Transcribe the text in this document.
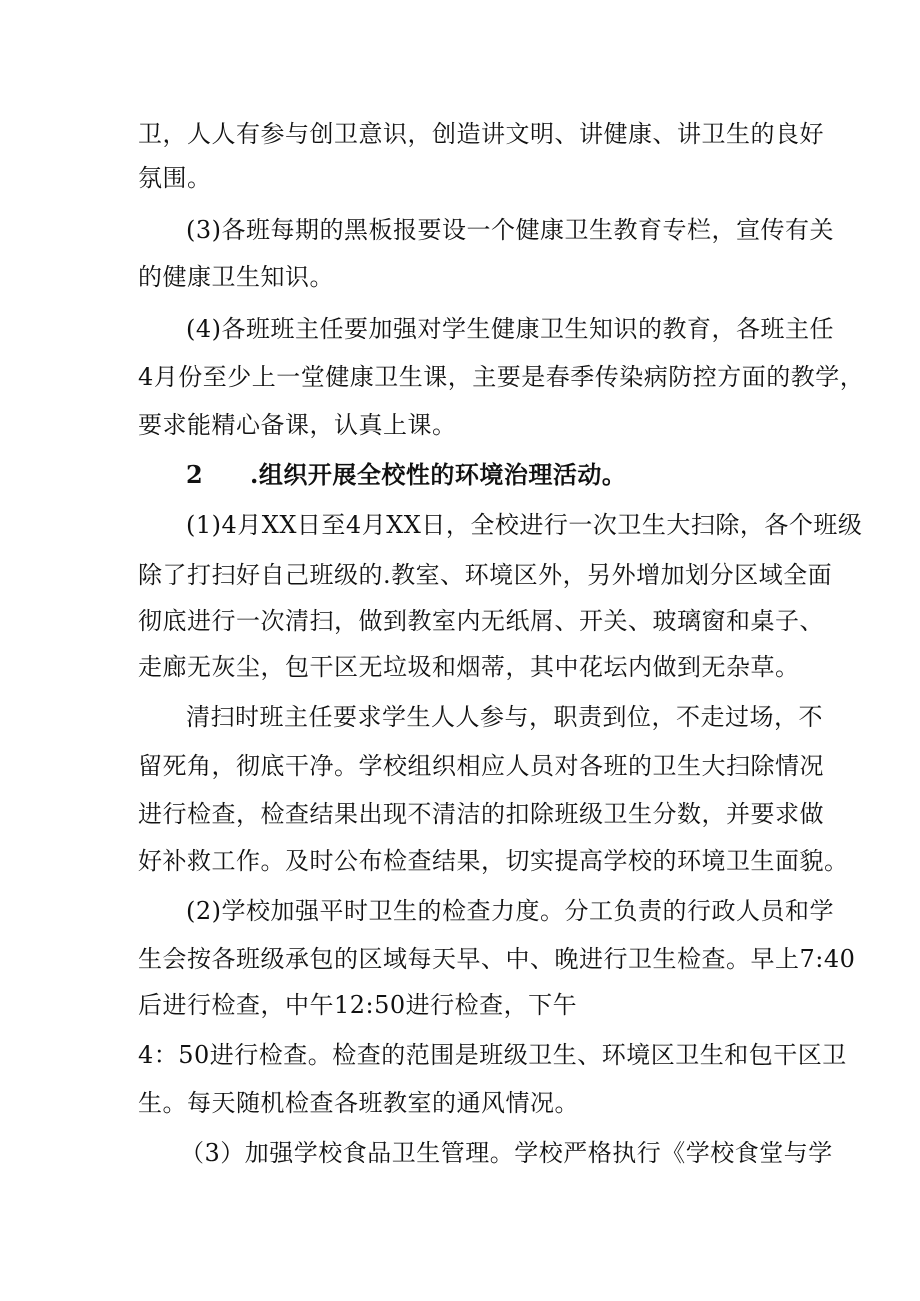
卫，人人有参与创卫意识，创造讲文明、讲健康、讲卫生的良好
氛围。
(3)各班每期的黑板报要设一个健康卫生教育专栏，宣传有关
的健康卫生知识。
(4)各班班主任要加强对学生健康卫生知识的教育，各班主任
4月份至少上一堂健康卫生课，主要是春季传染病防控方面的教学，
要求能精心备课，认真上课。
2 .组织开展全校性的环境治理活动。
(1)4月XX日至4月XX日，全校进行一次卫生大扫除，各个班级
除了打扫好自己班级的.教室、环境区外，另外增加划分区域全面
彻底进行一次清扫，做到教室内无纸屑、开关、玻璃窗和桌子、
走廊无灰尘，包干区无垃圾和烟蒂，其中花坛内做到无杂草。
清扫时班主任要求学生人人参与，职责到位，不走过场，不
留死角，彻底干净。学校组织相应人员对各班的卫生大扫除情况
进行检查，检查结果出现不清洁的扣除班级卫生分数，并要求做
好补救工作。及时公布检查结果，切实提高学校的环境卫生面貌。
(2)学校加强平时卫生的检查力度。分工负责的行政人员和学
生会按各班级承包的区域每天早、中、晚进行卫生检查。早上7:40
后进行检查，中午12:50进行检查，下午
4：50进行检查。检查的范围是班级卫生、环境区卫生和包干区卫
生。每天随机检查各班教室的通风情况。
（3）加强学校食品卫生管理。学校严格执行《学校食堂与学
